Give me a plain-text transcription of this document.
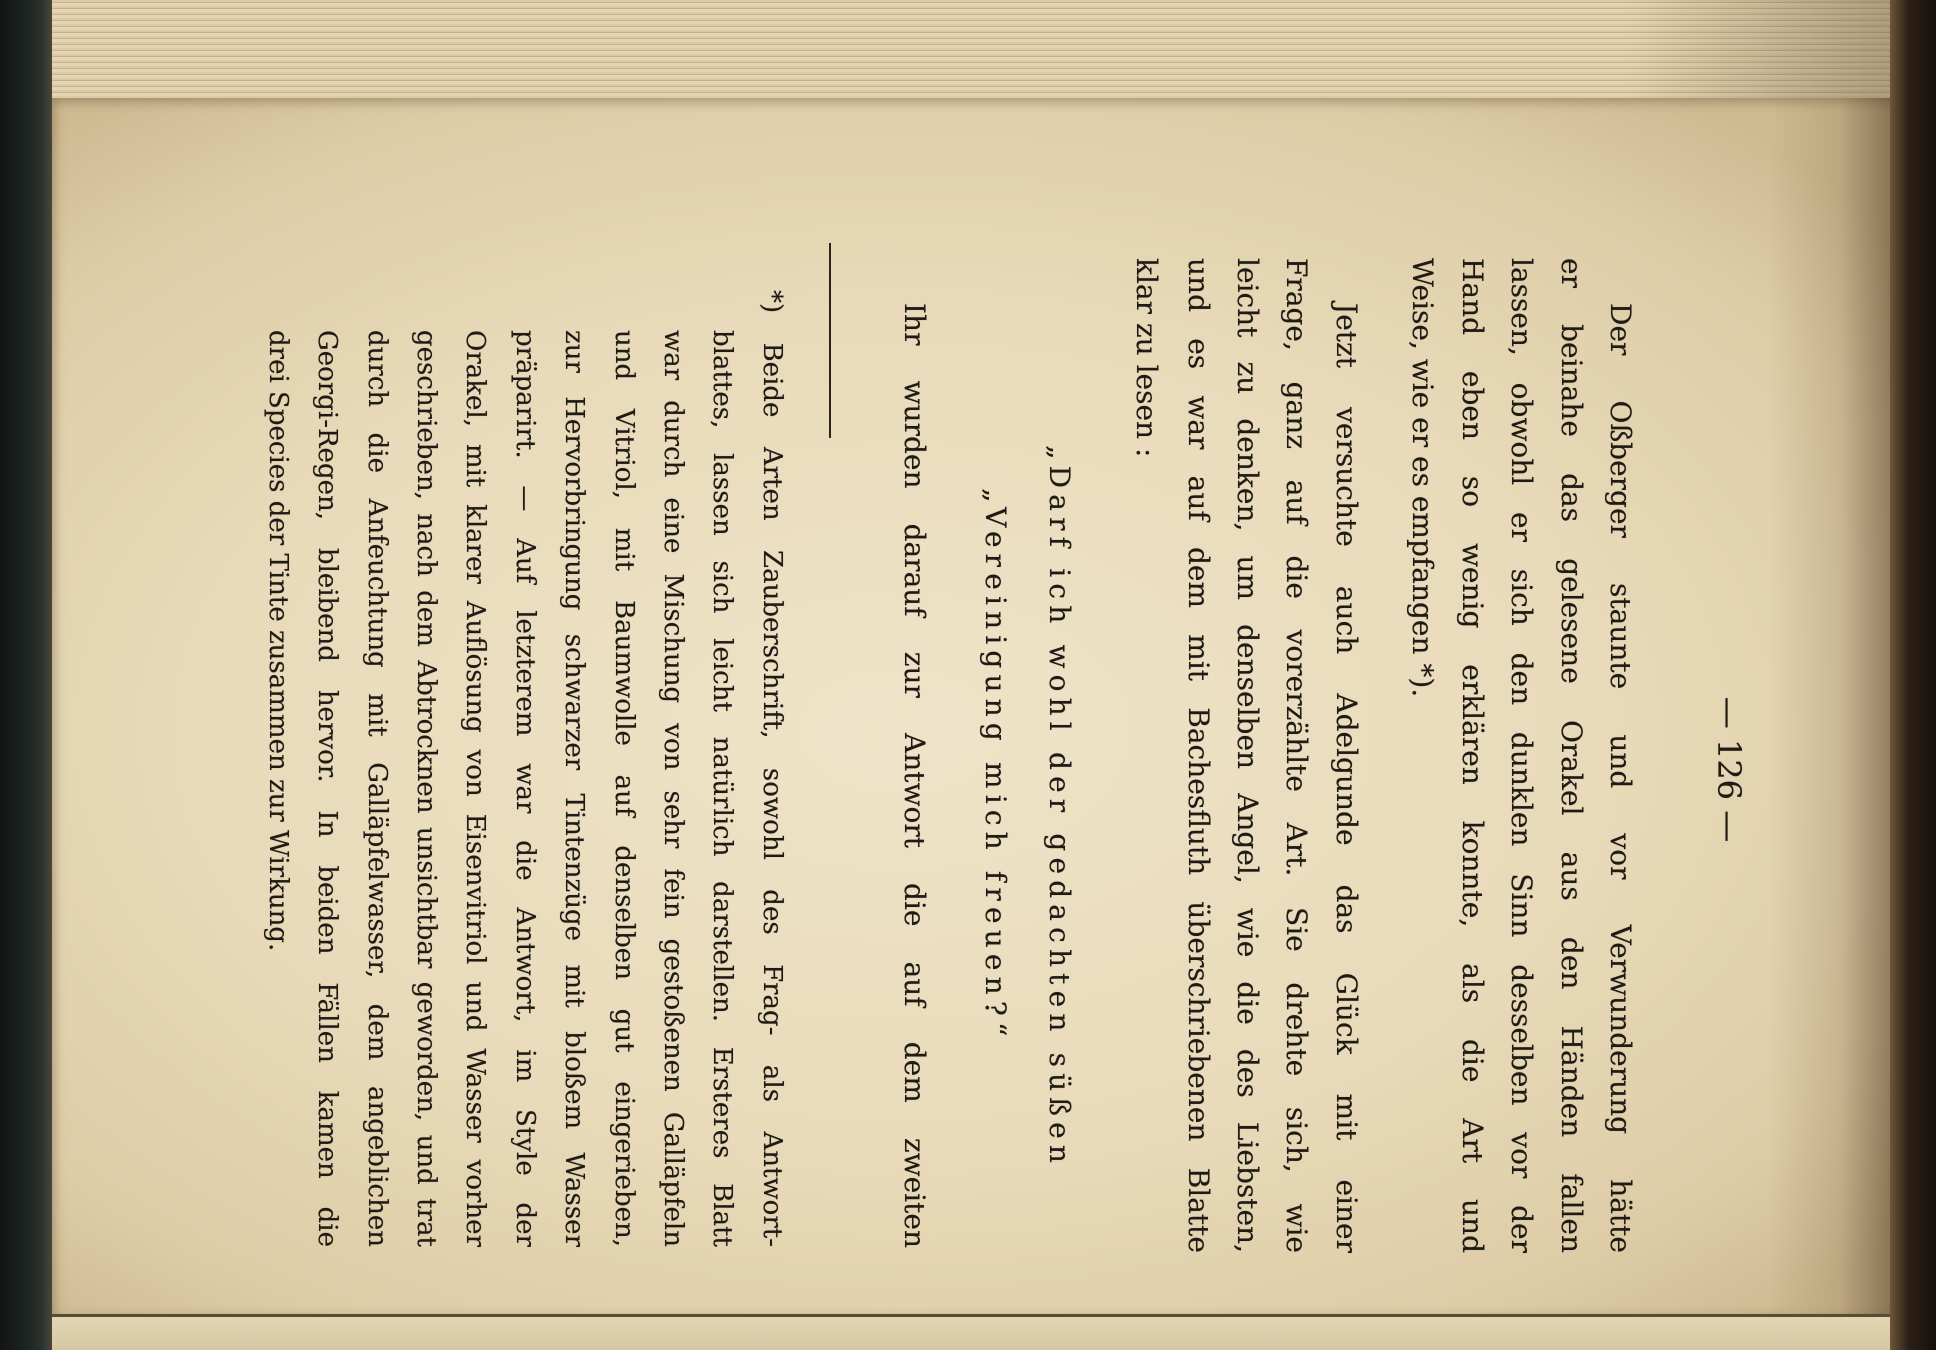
— 126 —
Der Oßberger staunte und vor Verwunderung hätte
er beinahe das gelesene Orakel aus den Händen fallen
lassen, obwohl er sich den dunklen Sinn desselben vor der
Hand eben so wenig erklären konnte, als die Art und
Weise, wie er es empfangen *).
Jetzt versuchte auch Adelgunde das Glück mit einer
Frage, ganz auf die vorerzählte Art. Sie drehte sich, wie
leicht zu denken, um denselben Angel, wie die des Liebsten,
und es war auf dem mit Bachesfluth überschriebenen Blatte
klar zu lesen :
„Darf ich wohl der gedachten süßen
„Vereinigung mich freuen?“
Ihr wurden darauf zur Antwort die auf dem zweiten
*) Beide Arten Zauberschrift, sowohl des Frag- als Antwort-
blattes, lassen sich leicht natürlich darstellen. Ersteres Blatt
war durch eine Mischung von sehr fein gestoßenen Galläpfeln
und Vitriol, mit Baumwolle auf denselben gut eingerieben,
zur Hervorbringung schwarzer Tintenzüge mit bloßem Wasser
präparirt. — Auf letzterem war die Antwort, im Style der
Orakel, mit klarer Auflösung von Eisenvitriol und Wasser vorher
geschrieben, nach dem Abtrocknen unsichtbar geworden, und trat
durch die Anfeuchtung mit Galläpfelwasser, dem angeblichen
Georgi-Regen, bleibend hervor. In beiden Fällen kamen die
drei Species der Tinte zusammen zur Wirkung.
